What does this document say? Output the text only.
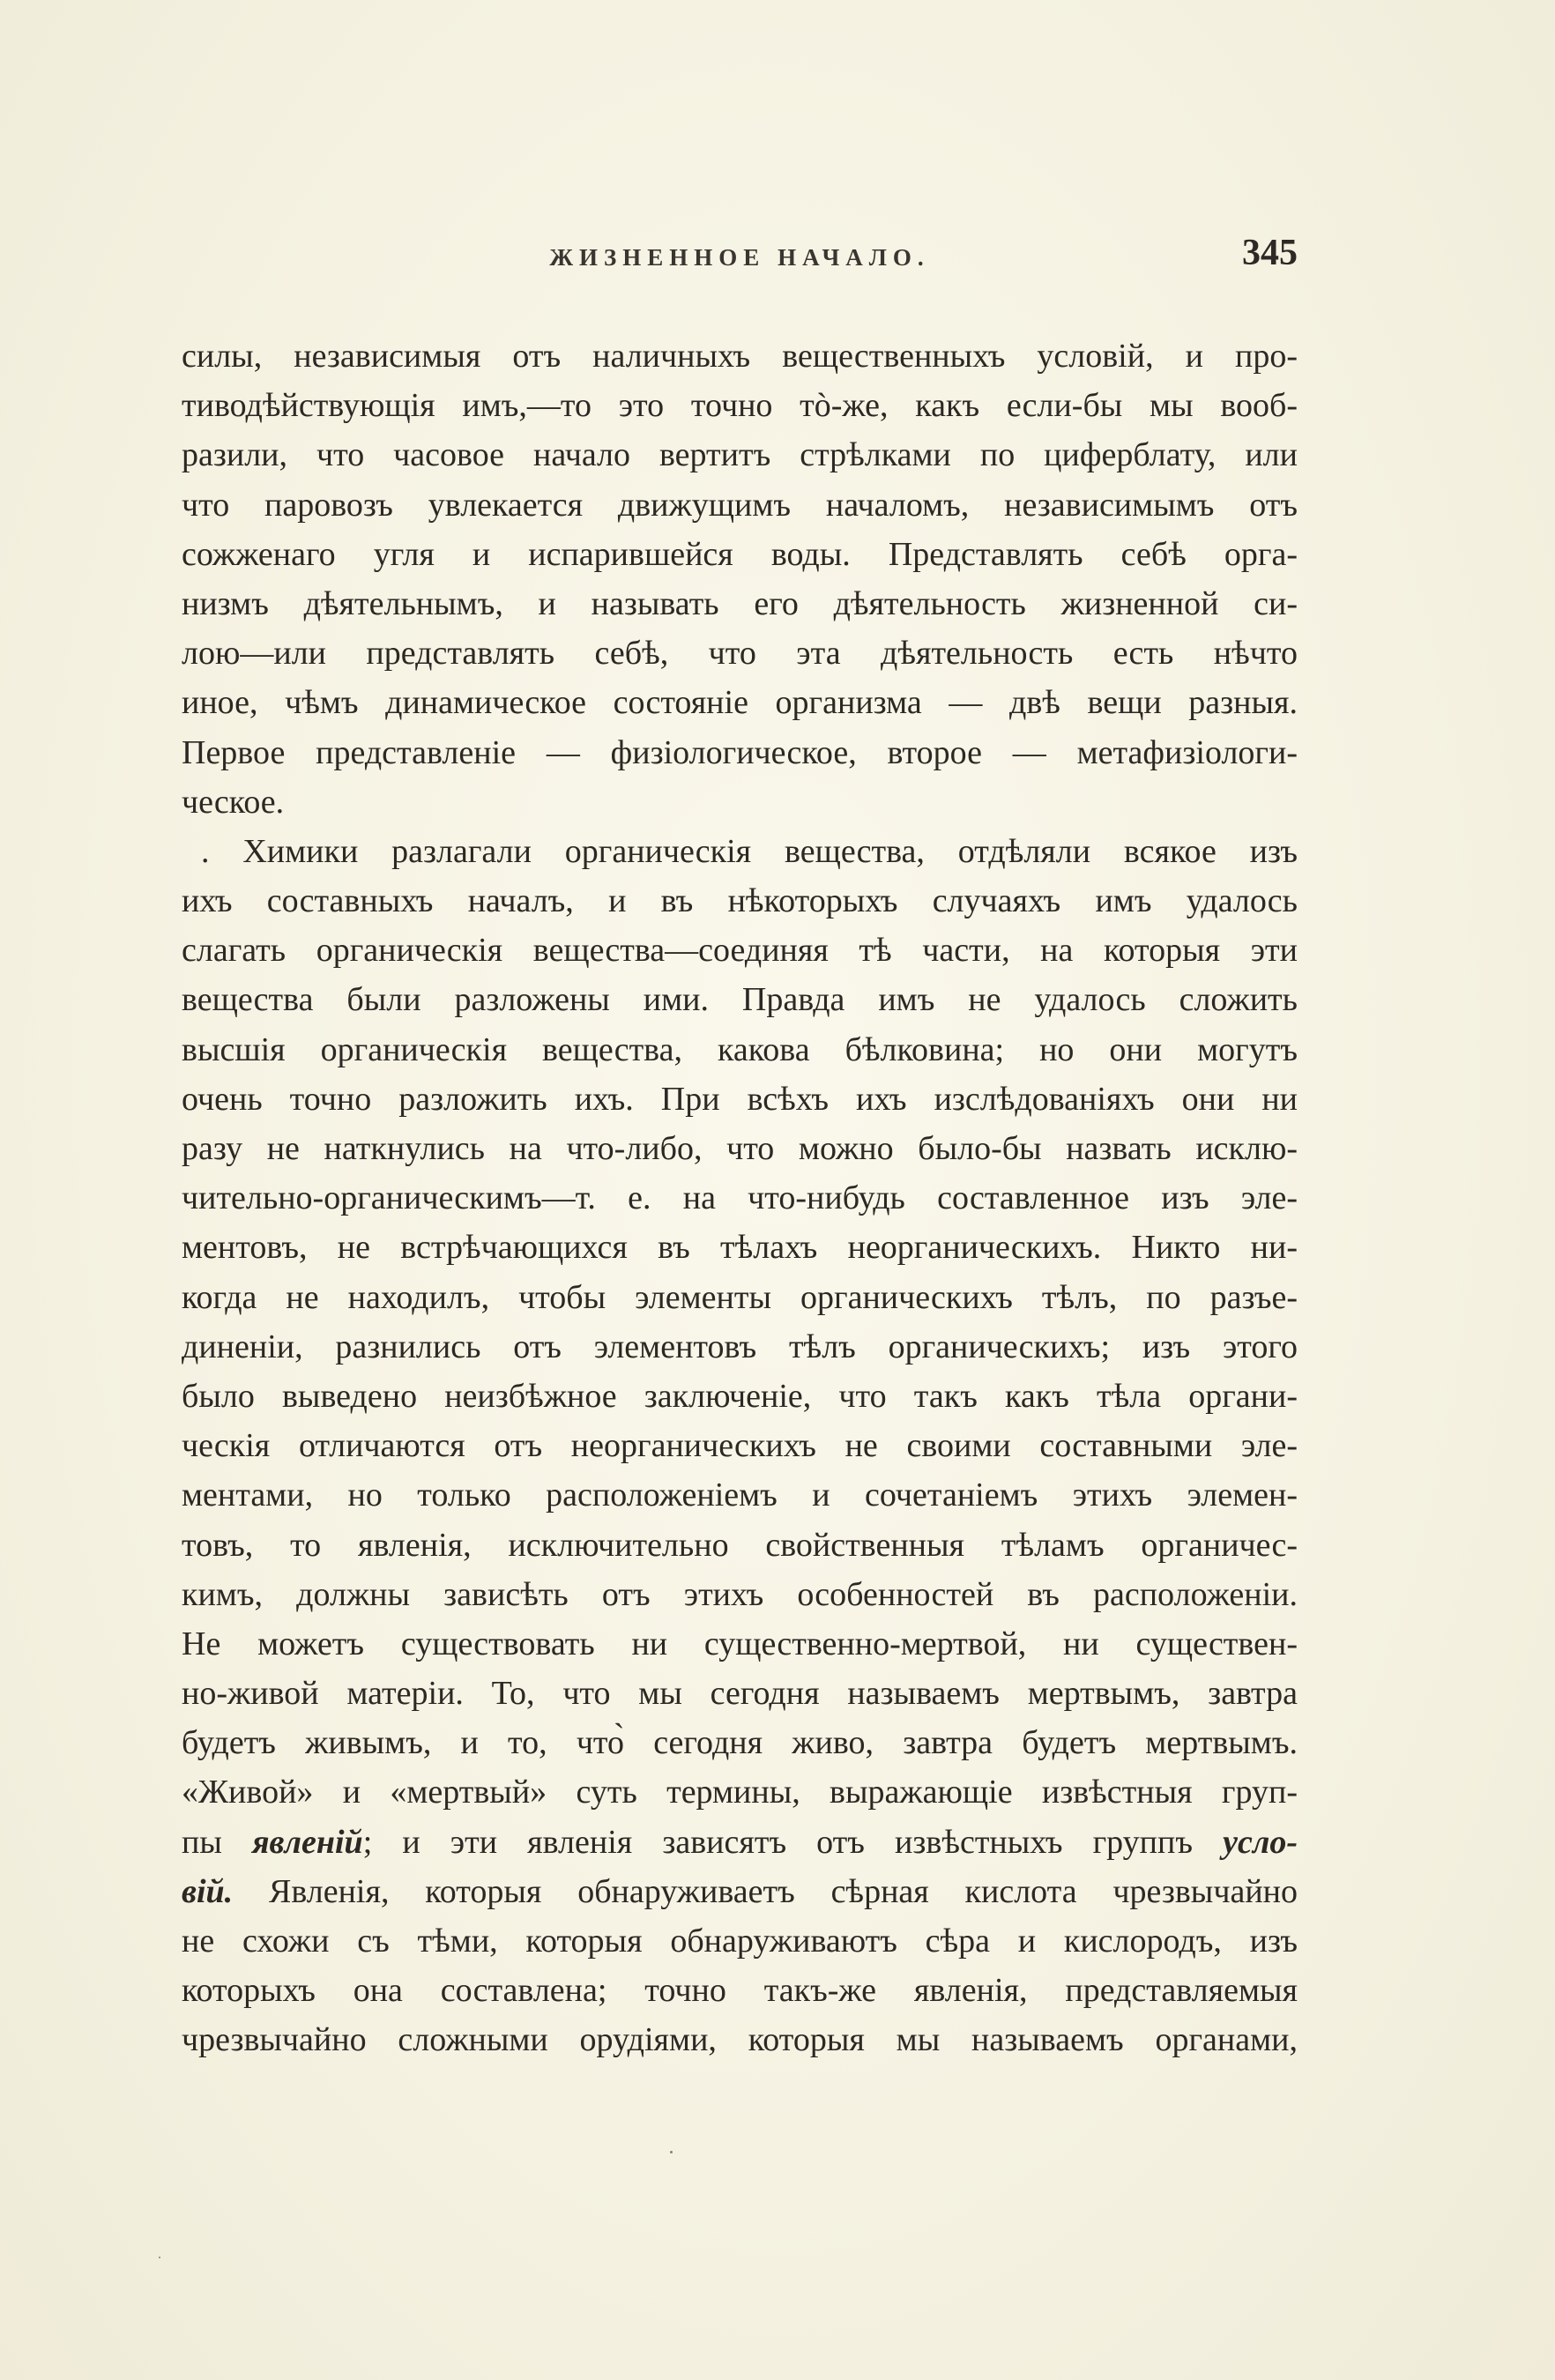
ЖИЗНЕННОЕ НАЧАЛО.	345
силы, независимыя отъ наличныхъ вещественныхъ условій, и про-
тиводѣйствующія имъ,—то это точно тò-же, какъ если-бы мы вооб-
разили, что часовое начало вертитъ стрѣлками по циферблату, или
что паровозъ увлекается движущимъ началомъ, независимымъ отъ
сожженаго угля и испарившейся воды. Представлять себѣ орга-
низмъ дѣятельнымъ, и называть его дѣятельность жизненной си-
лою—или представлять себѣ, что эта дѣятельность есть нѣчто
иное, чѣмъ динамическое состояніе организма — двѣ вещи разныя.
Первое представленіе — физіологическое, второе — метафизіологи-
ческое.
. Химики разлагали органическія вещества, отдѣляли всякое изъ
ихъ составныхъ началъ, и въ нѣкоторыхъ случаяхъ имъ удалось
слагать органическія вещества—соединяя тѣ части, на которыя эти
вещества были разложены ими. Правда имъ не удалось сложить
высшія органическія вещества, какова бѣлковина; но они могутъ
очень точно разложить ихъ. При всѣхъ ихъ изслѣдованіяхъ они ни
разу не наткнулись на что-либо, что можно было-бы назвать исклю-
чительно-органическимъ—т. е. на что-нибудь составленное изъ эле-
ментовъ, не встрѣчающихся въ тѣлахъ неорганическихъ. Никто ни-
когда не находилъ, чтобы элементы органическихъ тѣлъ, по разъе-
диненіи, разнились отъ элементовъ тѣлъ органическихъ; изъ этого
было выведено неизбѣжное заключеніе, что такъ какъ тѣла органи-
ческія отличаются отъ неорганическихъ не своими составными эле-
ментами, но только расположеніемъ и сочетаніемъ этихъ элемен-
товъ, то явленія, исключительно свойственныя тѣламъ органичес-
кимъ, должны зависѣть отъ этихъ особенностей въ расположеніи.
Не можетъ существовать ни существенно-мертвой, ни существен-
но-живой матеріи. То, что мы сегодня называемъ мертвымъ, завтра
будетъ живымъ, и то, что̀ сегодня живо, завтра будетъ мертвымъ.
«Живой» и «мертвый» суть термины, выражающіе извѣстныя груп-
пы явленій; и эти явленія зависятъ отъ извѣстныхъ группъ усло-
вій. Явленія, которыя обнаруживаетъ сѣрная кислота чрезвычайно
не схожи съ тѣми, которыя обнаруживаютъ сѣра и кислородъ, изъ
которыхъ она составлена; точно такъ-же явленія, представляемыя
чрезвычайно сложными орудіями, которыя мы называемъ органами,
